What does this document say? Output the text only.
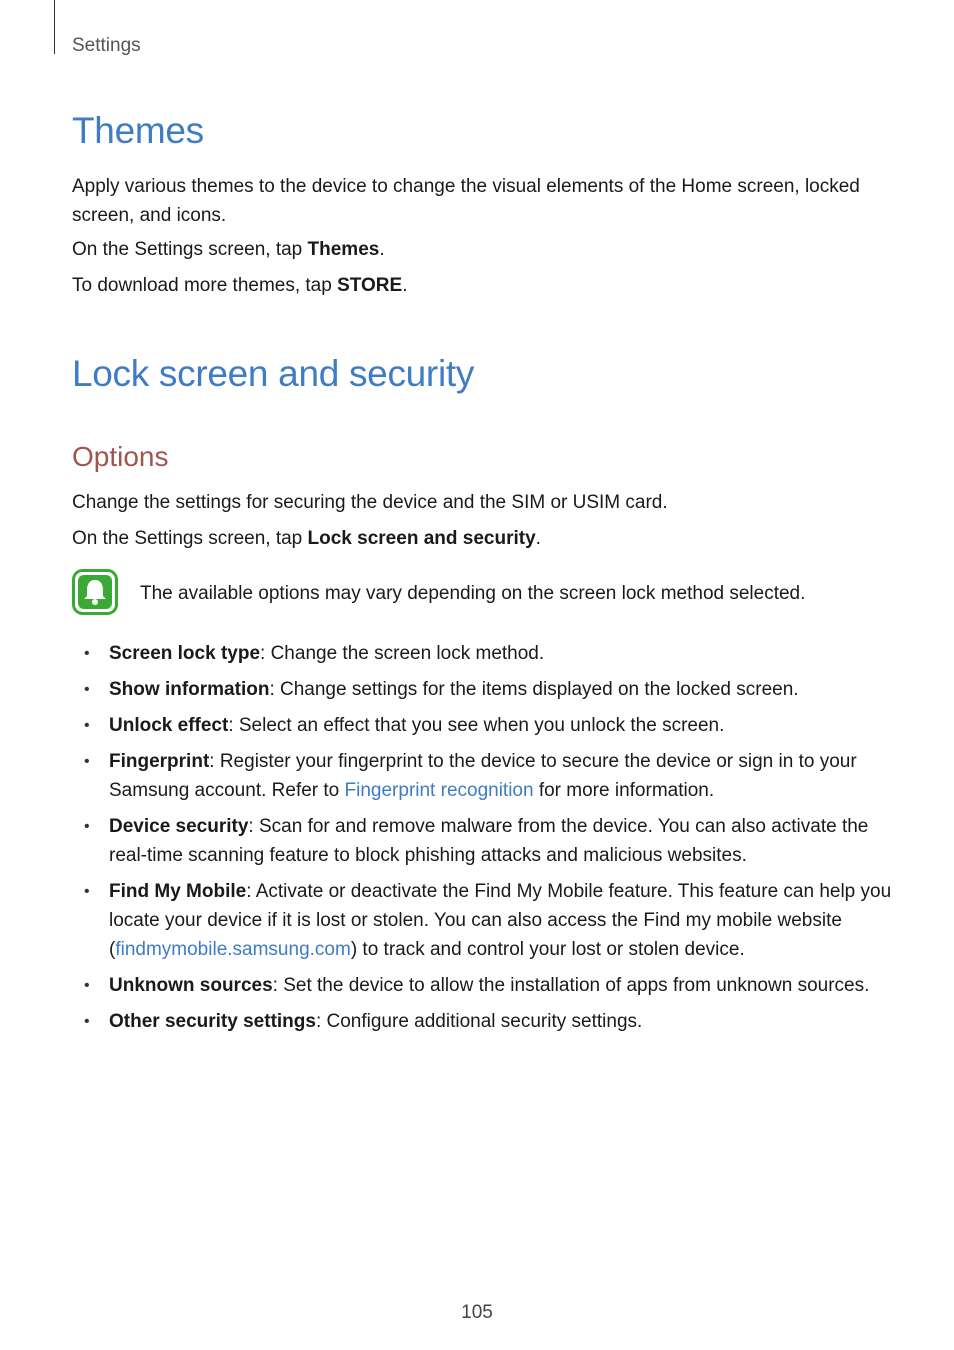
Settings
Themes

Apply various themes to the device to change the visual elements of the Home screen, locked screen, and icons.

On the Settings screen, tap Themes.

To download more themes, tap STORE.

Lock screen and security
Options

Change the settings for securing the device and the SIM or USIM card.

On the Settings screen, tap Lock screen and security.

The available options may vary depending on the screen lock method selected.
• Screen lock type: Change the screen lock method.
• Show information: Change settings for the items displayed on the locked screen.
• Unlock effect: Select an effect that you see when you unlock the screen.
• Fingerprint: Register your fingerprint to the device to secure the device or sign in to your Samsung account. Refer to Fingerprint recognition for more information.
• Device security: Scan for and remove malware from the device. You can also activate the real-time scanning feature to block phishing attacks and malicious websites.
• Find My Mobile: Activate or deactivate the Find My Mobile feature. This feature can help you locate your device if it is lost or stolen. You can also access the Find my mobile website (findmymobile.samsung.com) to track and control your lost or stolen device.
• Unknown sources: Set the device to allow the installation of apps from unknown sources.
• Other security settings: Configure additional security settings.
105
